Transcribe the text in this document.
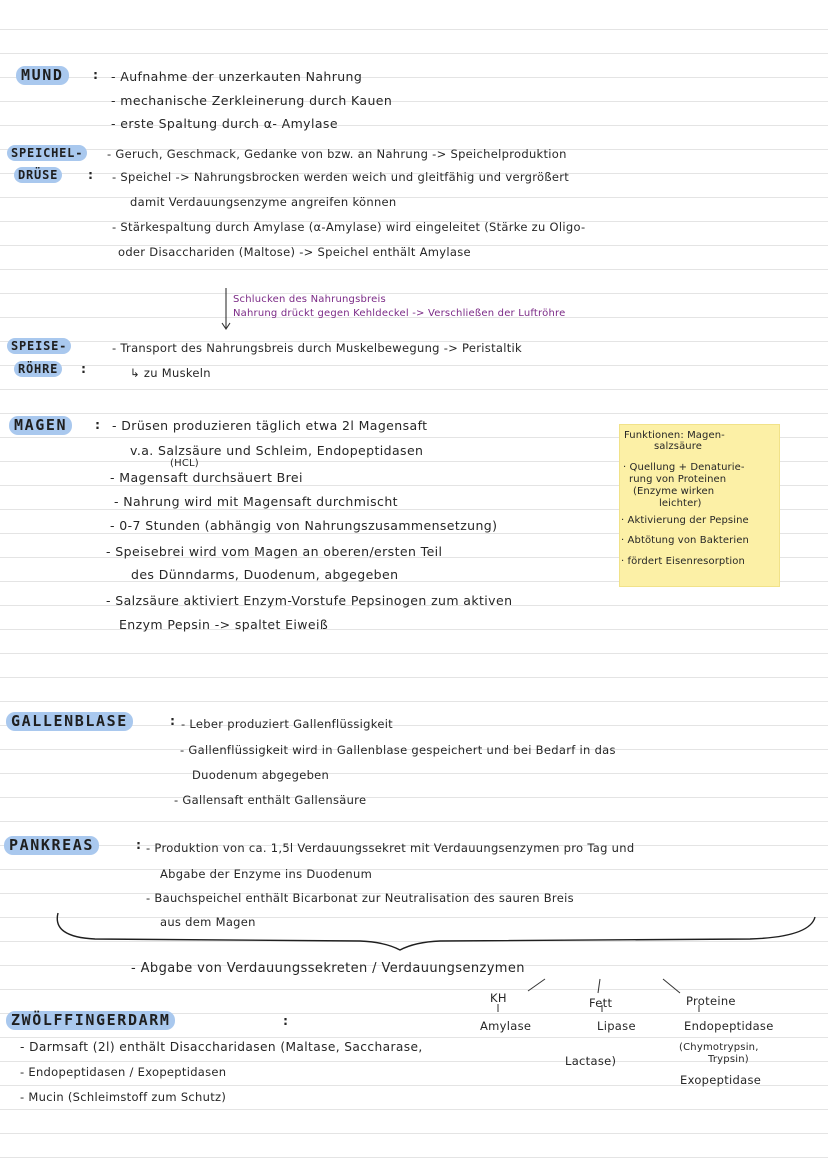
MUND	: - Aufnahme der unzerkauten Nahrung
- mechanische Zerkleinerung durch Kauen
- erste Spaltung durch α- Amylase
SPEICHEL-
DRÜSE	:
- Geruch, Geschmack, Gedanke von bzw. an Nahrung -> Speichelproduktion
- Speichel -> Nahrungsbrocken werden weich und gleitfähig und vergrößert
damit Verdauungsenzyme angreifen können
- Stärkespaltung durch Amylase (α-Amylase) wird eingeleitet (Stärke zu Oligo-
oder Disacchariden (Maltose) -> Speichel enthält Amylase
Schlucken des Nahrungsbreis
Nahrung drückt gegen Kehldeckel -> Verschließen der Luftröhre
SPEISE-
RÖHRE	:
- Transport des Nahrungsbreis durch Muskelbewegung -> Peristaltik
↳ zu Muskeln
MAGEN	: - Drüsen produzieren täglich etwa 2l Magensaft
v.a. Salzsäure und Schleim, Endopeptidasen
(HCL)
- Magensaft durchsäuert Brei
- Nahrung wird mit Magensaft durchmischt
- 0-7 Stunden (abhängig von Nahrungszusammensetzung)
- Speisebrei wird vom Magen an oberen/ersten Teil
des Dünndarms, Duodenum, abgegeben
- Salzsäure aktiviert Enzym-Vorstufe Pepsinogen zum aktiven
Enzym Pepsin -> spaltet Eiweiß
Funktionen: Magen-
salzsäure
· Quellung + Denaturie-
rung von Proteinen
(Enzyme wirken
leichter)
· Aktivierung der Pepsine
· Abtötung von Bakterien
· fördert Eisenresorption
GALLENBLASE	: - Leber produziert Gallenflüssigkeit
- Gallenflüssigkeit wird in Gallenblase gespeichert und bei Bedarf in das
Duodenum abgegeben
- Gallensaft enthält Gallensäure
PANKREAS	: - Produktion von ca. 1,5l Verdauungssekret mit Verdauungsenzymen pro Tag und
Abgabe der Enzyme ins Duodenum
- Bauchspeichel enthält Bicarbonat zur Neutralisation des sauren Breis
aus dem Magen
- Abgabe von Verdauungssekreten / Verdauungsenzymen
KH	Fett	Proteine
Amylase	Lipase	Endopeptidase
(Chymotrypsin,
Trypsin)
Exopeptidase
ZWÖLFFINGERDARM	:
- Darmsaft (2l) enthält Disaccharidasen (Maltase, Saccharase,
Lactase)
- Endopeptidasen / Exopeptidasen
- Mucin (Schleimstoff zum Schutz)
